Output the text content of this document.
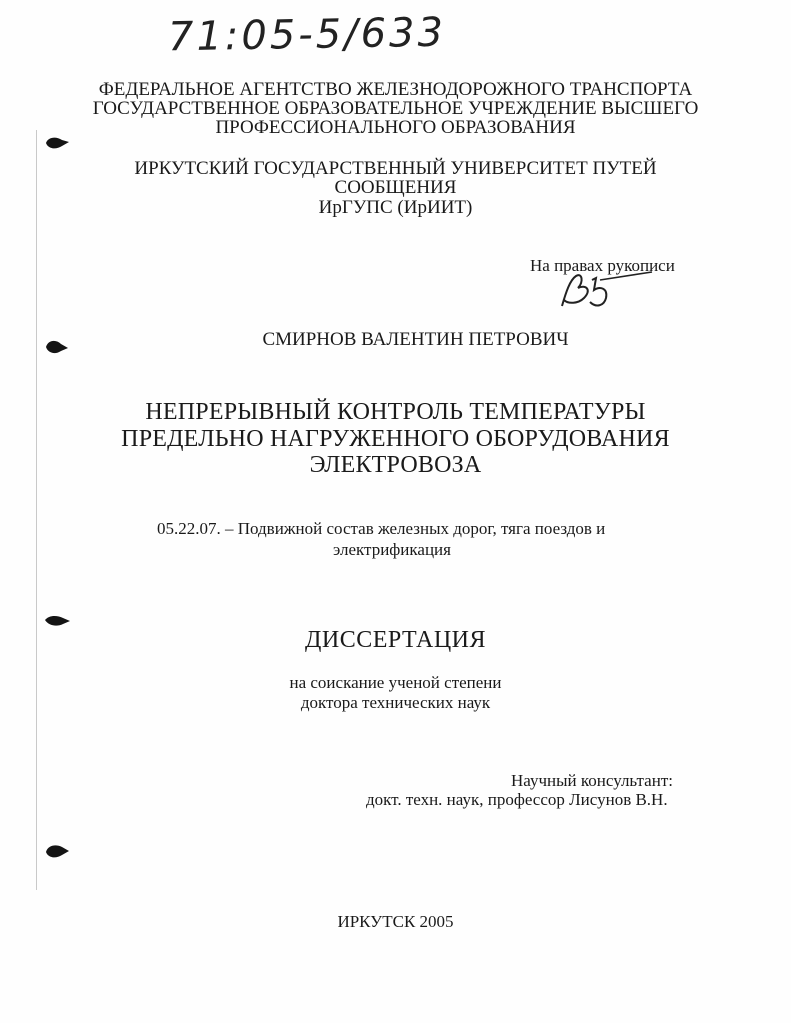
71:05-5/633
ФЕДЕРАЛЬНОЕ АГЕНТСТВО ЖЕЛЕЗНОДОРОЖНОГО ТРАНСПОРТА
ГОСУДАРСТВЕННОЕ ОБРАЗОВАТЕЛЬНОЕ УЧРЕЖДЕНИЕ ВЫСШЕГО
ПРОФЕССИОНАЛЬНОГО ОБРАЗОВАНИЯ
ИРКУТСКИЙ ГОСУДАРСТВЕННЫЙ УНИВЕРСИТЕТ ПУТЕЙ
СООБЩЕНИЯ
ИрГУПС (ИрИИТ)
На правах рукописи
СМИРНОВ ВАЛЕНТИН ПЕТРОВИЧ
НЕПРЕРЫВНЫЙ КОНТРОЛЬ ТЕМПЕРАТУРЫ
ПРЕДЕЛЬНО НАГРУЖЕННОГО ОБОРУДОВАНИЯ
ЭЛЕКТРОВОЗА
05.22.07. – Подвижной состав железных дорог, тяга поездов и
электрификация
ДИССЕРТАЦИЯ
на соискание ученой степени
доктора технических наук
Научный консультант:
докт. техн. наук, профессор Лисунов В.Н.
ИРКУТСК 2005
